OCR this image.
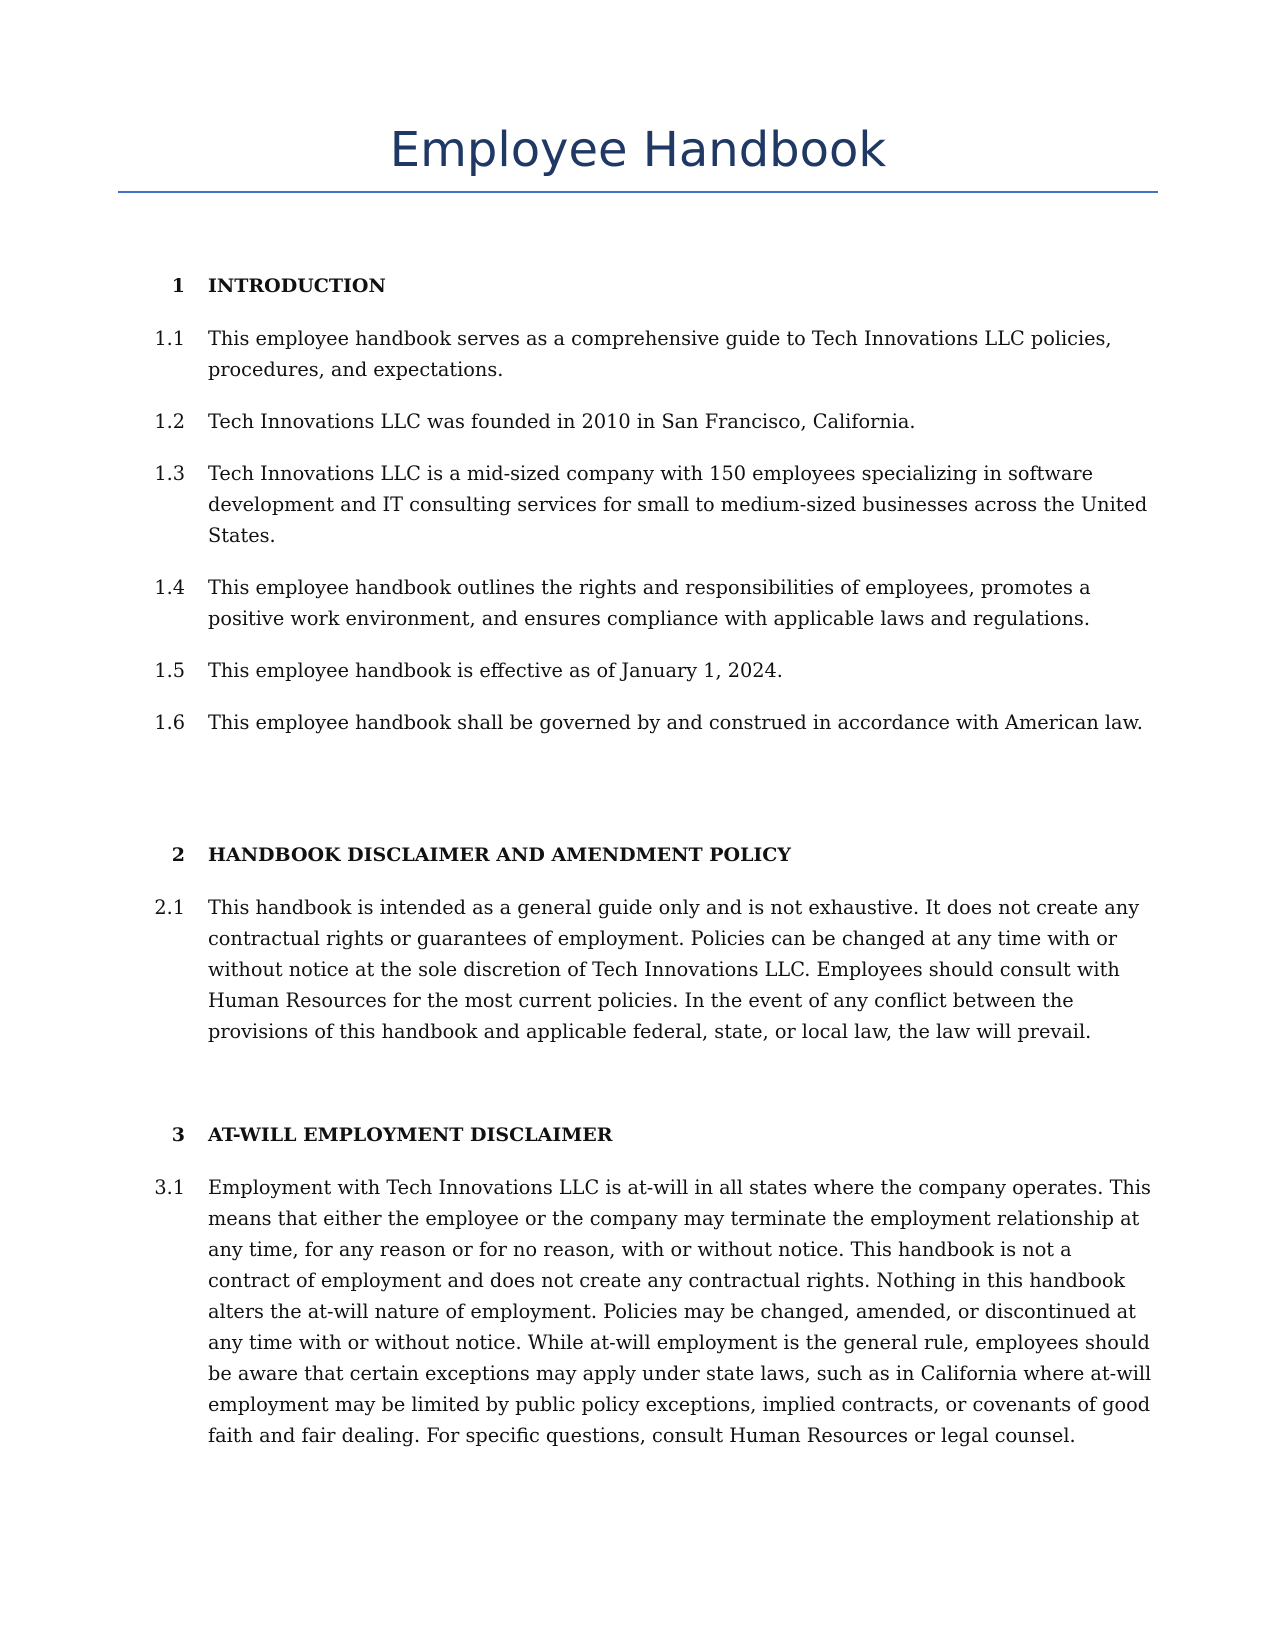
Employee Handbook
1	INTRODUCTION
1.1	This employee handbook serves as a comprehensive guide to Tech Innovations LLC policies, procedures, and expectations.
1.2	Tech Innovations LLC was founded in 2010 in San Francisco, California.
1.3	Tech Innovations LLC is a mid-sized company with 150 employees specializing in software development and IT consulting services for small to medium-sized businesses across the United States.
1.4	This employee handbook outlines the rights and responsibilities of employees, promotes a positive work environment, and ensures compliance with applicable laws and regulations.
1.5	This employee handbook is effective as of January 1, 2024.
1.6	This employee handbook shall be governed by and construed in accordance with American law.
2	HANDBOOK DISCLAIMER AND AMENDMENT POLICY
2.1	This handbook is intended as a general guide only and is not exhaustive. It does not create any contractual rights or guarantees of employment. Policies can be changed at any time with or without notice at the sole discretion of Tech Innovations LLC. Employees should consult with Human Resources for the most current policies. In the event of any conflict between the provisions of this handbook and applicable federal, state, or local law, the law will prevail.
3	AT-WILL EMPLOYMENT DISCLAIMER
3.1	Employment with Tech Innovations LLC is at-will in all states where the company operates. This means that either the employee or the company may terminate the employment relationship at any time, for any reason or for no reason, with or without notice. This handbook is not a contract of employment and does not create any contractual rights. Nothing in this handbook alters the at-will nature of employment. Policies may be changed, amended, or discontinued at any time with or without notice. While at-will employment is the general rule, employees should be aware that certain exceptions may apply under state laws, such as in California where at-will employment may be limited by public policy exceptions, implied contracts, or covenants of good faith and fair dealing. For specific questions, consult Human Resources or legal counsel.
